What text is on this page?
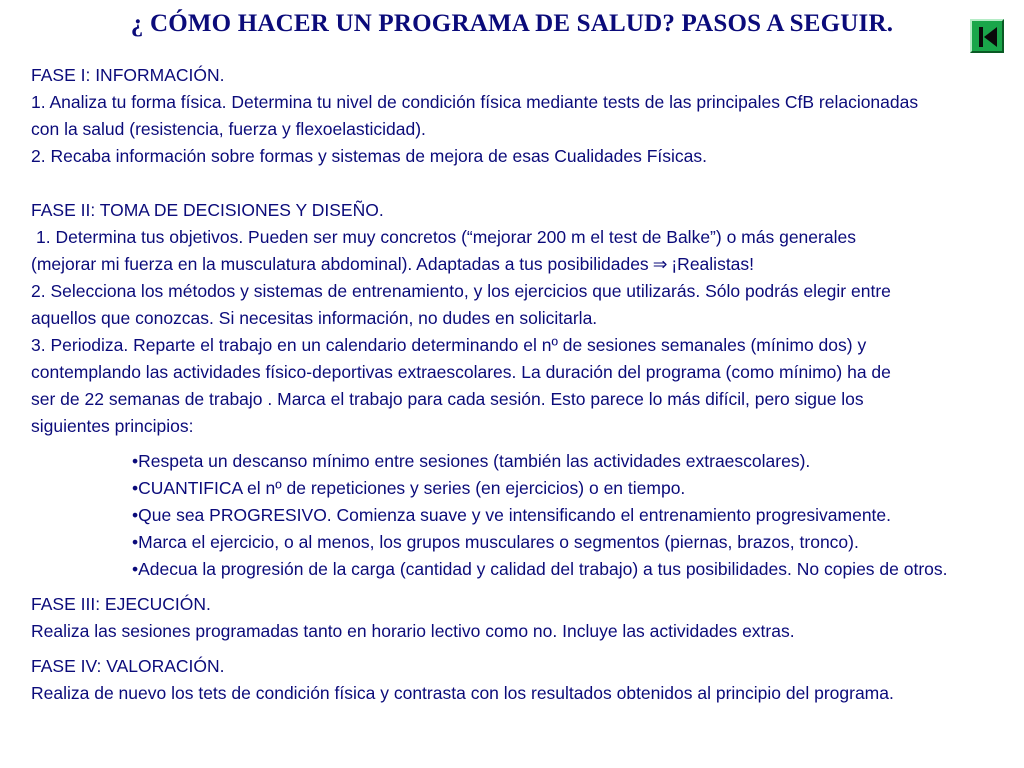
¿ CÓMO HACER UN PROGRAMA DE SALUD? PASOS A SEGUIR.

FASE I: INFORMACIÓN.

1. Analiza tu forma física. Determina tu nivel de condición física mediante tests de las principales CfB relacionadas

con la salud (resistencia, fuerza y flexoelasticidad).

2. Recaba información sobre formas y sistemas de mejora de esas Cualidades Físicas.

FASE II: TOMA DE DECISIONES Y DISEÑO.

1. Determina tus objetivos. Pueden ser muy concretos (“mejorar 200 m el test de Balke”) o más generales

(mejorar mi fuerza en la musculatura abdominal). Adaptadas a tus posibilidades ⇒ ¡Realistas!

2. Selecciona los métodos y sistemas de entrenamiento, y los ejercicios que utilizarás. Sólo podrás elegir entre

aquellos que conozcas. Si necesitas información, no dudes en solicitarla.

3. Periodiza. Reparte el trabajo en un calendario determinando el nº de sesiones semanales (mínimo dos) y

contemplando las actividades físico-deportivas extraescolares. La duración del programa (como mínimo) ha de

ser de 22 semanas de trabajo . Marca el trabajo para cada sesión. Esto parece lo más difícil, pero sigue los

siguientes principios:

•Respeta un descanso mínimo entre sesiones (también las actividades extraescolares).
•CUANTIFICA el nº de repeticiones y series (en ejercicios) o en tiempo.
•Que sea PROGRESIVO. Comienza suave y ve intensificando el entrenamiento progresivamente.
•Marca el ejercicio, o al menos, los grupos musculares o segmentos (piernas, brazos, tronco).
•Adecua la progresión de la carga (cantidad y calidad del trabajo) a tus posibilidades. No copies de otros.

FASE III: EJECUCIÓN.

Realiza las sesiones programadas tanto en horario lectivo como no. Incluye las actividades extras.

FASE IV: VALORACIÓN.

Realiza de nuevo los tets de condición física y contrasta con los resultados obtenidos al principio del programa.
